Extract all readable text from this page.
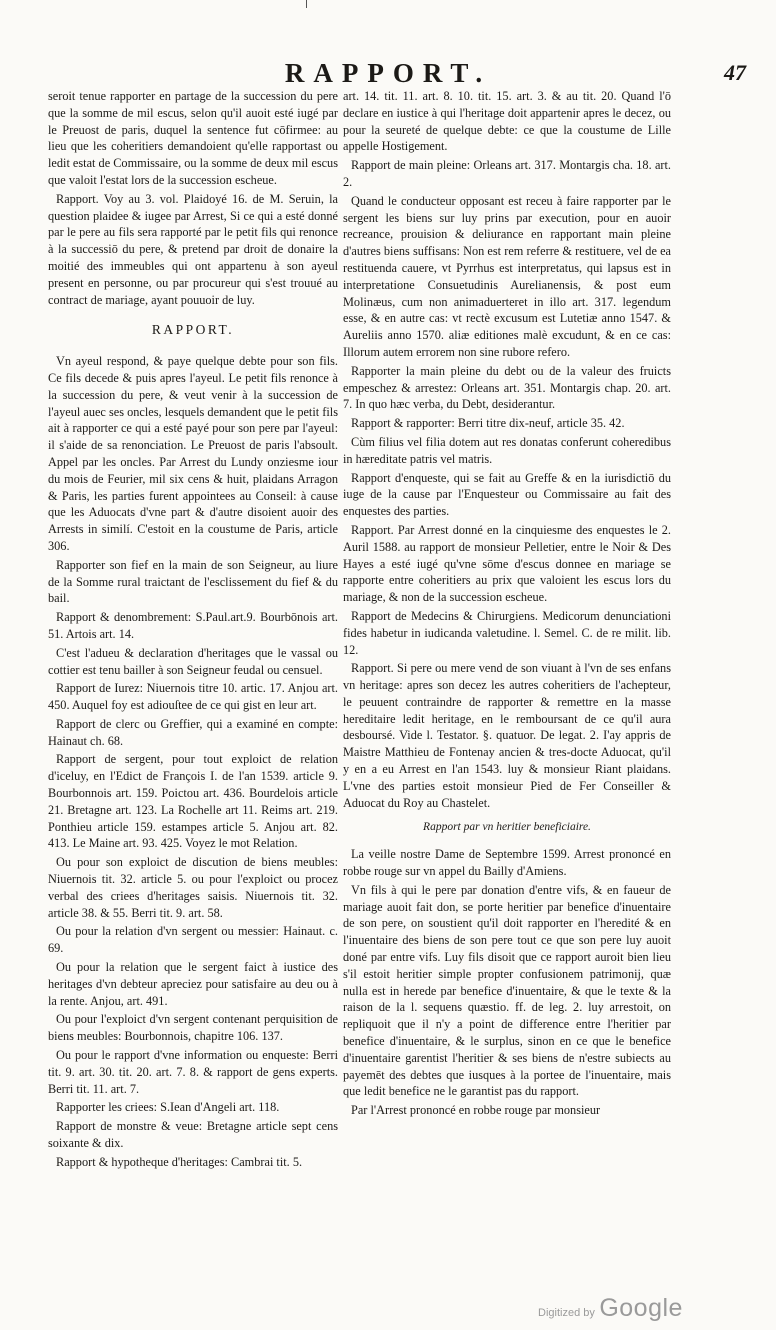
RAPPORT.	47

seroit tenue rapporter en partage de la succession du pere que la somme de mil escus, selon qu'il auoit esté iugé par le Preuost de paris, duquel la sentence fut cōfirmee: au lieu que les coheritiers demandoient qu'elle rapportast ou ledit estat de Commissaire, ou la somme de deux mil escus que valoit l'estat lors de la succession escheue.

Rapport. Voy au 3. vol. Plaidoyé 16. de M. Seruin, la question plaidee & iugee par Arrest, Si ce qui a esté donné par le pere au fils sera rapporté par le petit fils qui renonce à la successiō du pere, & pretend par droit de donaire la moitié des immeubles qui ont appartenu à son ayeul present en personne, ou par procureur qui s'est trouué au contract de mariage, ayant pouuoir de luy.

RAPPORT.

Vn ayeul respond, & paye quelque debte pour son fils. Ce fils decede & puis apres l'ayeul. Le petit fils renonce à la succession du pere, & veut venir à la succession de l'ayeul auec ses oncles, lesquels demandent que le petit fils ait à rapporter ce qui a esté payé pour son pere par l'ayeul: il s'aide de sa renonciation. Le Preuost de paris l'absoult. Appel par les oncles. Par Arrest du Lundy onziesme iour du mois de Feurier, mil six cens & huit, plaidans Arragon & Paris, les parties furent appointees au Conseil: à cause que les Aduocats d'vne part & d'autre disoient auoir des Arrests in similí. C'estoit en la coustume de Paris, article 306.

Rapporter son fief en la main de son Seigneur, au liure de la Somme rural traictant de l'esclissement du fief & du bail.

Rapport & denombrement: S.Paul.art.9. Bourbōnois art. 51. Artois art. 14.

C'est l'adueu & declaration d'heritages que le vassal ou cottier est tenu bailler à son Seigneur feudal ou censuel.

Rapport de Iurez: Niuernois titre 10. artic. 17. Anjou art. 450. Auquel foy est adiouſtee de ce qui gist en leur art.

Rapport de clerc ou Greffier, qui a examiné en compte: Hainaut ch. 68.

Rapport de sergent, pour tout exploict de relation d'iceluy, en l'Edict de François I. de l'an 1539. article 9. Bourbonnois art. 159. Poictou art. 436. Bourdelois article 21. Bretagne art. 123. La Rochelle art 11. Reims art. 219. Ponthieu article 159. estampes article 5. Anjou art. 82. 413. Le Maine art. 93. 425. Voyez le mot Relation.

Ou pour son exploict de discution de biens meubles: Niuernois tit. 32. article 5. ou pour l'exploict ou procez verbal des criees d'heritages saisis. Niuernois tit. 32. article 38. & 55. Berri tit. 9. art. 58.

Ou pour la relation d'vn sergent ou messier: Hainaut. c. 69.

Ou pour la relation que le sergent faict à iustice des heritages d'vn debteur apreciez pour satisfaire au deu ou à la rente. Anjou, art. 491.

Ou pour l'exploict d'vn sergent contenant perquisition de biens meubles: Bourbonnois, chapitre 106. 137.

Ou pour le rapport d'vne information ou enqueste: Berri tit. 9. art. 30. tit. 20. art. 7. 8. & rapport de gens experts. Berri tit. 11. art. 7.

Rapporter les criees: S.Iean d'Angeli art. 118.

Rapport de monstre & veue: Bretagne article sept cens soixante & dix.

Rapport & hypotheque d'heritages: Cambrai tit. 5.

art. 14. tit. 11. art. 8. 10. tit. 15. art. 3. & au tit. 20. Quand l'ō declare en iustice à qui l'heritage doit appartenir apres le decez, ou pour la seureté de quelque debte: ce que la coustume de Lille appelle Hostigement.

Rapport de main pleine: Orleans art. 317. Montargis cha. 18. art. 2.

Quand le conducteur opposant est receu à faire rapporter par le sergent les biens sur luy prins par execution, pour en auoir recreance, prouision & deliurance en rapportant main pleine d'autres biens suffisans: Non est rem referre & restituere, vel de ea restituenda cauere, vt Pyrrhus est interpretatus, qui lapsus est in interpretatione Consuetudinis Aurelianensis, & post eum Molinæus, cum non animaduerteret in illo art. 317. legendum esse, & en autre cas: vt rectè excusum est Lutetiæ anno 1547. & Aureliis anno 1570. aliæ editiones malè excudunt, & en ce cas: Illorum autem errorem non sine rubore refero.

Rapporter la main pleine du debt ou de la valeur des fruicts empeschez & arrestez: Orleans art. 351. Montargis chap. 20. art. 7. In quo hæc verba, du Debt, desiderantur.

Rapport & rapporter: Berri titre dix-neuf, article 35. 42.

Cùm filius vel filia dotem aut res donatas conferunt coheredibus in hæreditate patris vel matris.

Rapport d'enqueste, qui se fait au Greffe & en la iurisdictiō du iuge de la cause par l'Enquesteur ou Commissaire au fait des enquestes des parties.

Rapport. Par Arrest donné en la cinquiesme des enquestes le 2. Auril 1588. au rapport de monsieur Pelletier, entre le Noir & Des Hayes a esté iugé qu'vne sōme d'escus donnee en mariage se rapporte entre coheritiers au prix que valoient les escus lors du mariage, & non de la succession escheue.

Rapport de Medecins & Chirurgiens. Medicorum denunciationi fides habetur in iudicanda valetudine. l. Semel. C. de re milit. lib. 12.

Rapport. Si pere ou mere vend de son viuant à l'vn de ses enfans vn heritage: apres son decez les autres coheritiers de l'achepteur, le peuuent contraindre de rapporter & remettre en la masse hereditaire ledit heritage, en le remboursant de ce qu'il aura desboursé. Vide l. Testator. §. quatuor. De legat. 2. I'ay appris de Maistre Matthieu de Fontenay ancien & tres-docte Aduocat, qu'il y en a eu Arrest en l'an 1543. luy & monsieur Riant plaidans. L'vne des parties estoit monsieur Pied de Fer Conseiller & Aduocat du Roy au Chastelet.

Rapport par vn heritier beneficiaire.

La veille nostre Dame de Septembre 1599. Arrest prononcé en robbe rouge sur vn appel du Bailly d'Amiens.

Vn fils à qui le pere par donation d'entre vifs, & en faueur de mariage auoit fait don, se porte heritier par benefice d'inuentaire de son pere, on soustient qu'il doit rapporter en l'heredité & en l'inuentaire des biens de son pere tout ce que son pere luy auoit doné par entre vifs. Luy fils disoit que ce rapport auroit bien lieu s'il estoit heritier simple propter confusionem patrimonij, quæ nulla est in herede par benefice d'inuentaire, & que le texte & la raison de la l. sequens quæstio. ff. de leg. 2. luy arrestoit, on repliquoit que il n'y a point de difference entre l'heritier par benefice d'inuentaire, & le surplus, sinon en ce que le benefice d'inuentaire garentist l'heritier & ses biens de n'estre subiects au payemēt des debtes que iusques à la portee de l'inuentaire, mais que ledit benefice ne le garantist pas du rapport.

Par l'Arrest prononcé en robbe rouge par monsieur

Digitized by Google
